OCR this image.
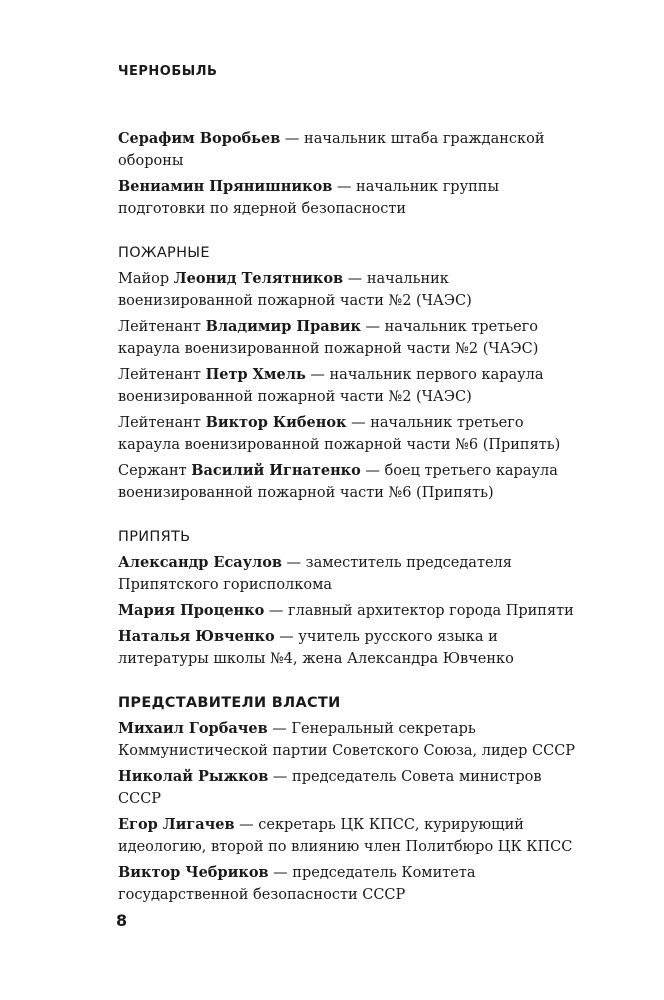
ЧЕРНОБЫЛЬ

Серафим Воробьев — начальник штаба гражданской обороны

Вениамин Прянишников — начальник группы подготовки по ядерной безопасности

ПОЖАРНЫЕ

Майор Леонид Телятников — начальник военизированной пожарной части №2 (ЧАЭС)

Лейтенант Владимир Правик — начальник третьего караула военизированной пожарной части №2 (ЧАЭС)

Лейтенант Петр Хмель — начальник первого караула военизированной пожарной части №2 (ЧАЭС)

Лейтенант Виктор Кибенок — начальник третьего караула военизированной пожарной части №6 (Припять)

Сержант Василий Игнатенко — боец третьего караула военизированной пожарной части №6 (Припять)

ПРИПЯТЬ

Александр Есаулов — заместитель председателя Припятского горисполкома

Мария Проценко — главный архитектор города Припяти

Наталья Ювченко — учитель русского языка и литературы школы №4, жена Александра Ювченко

ПРЕДСТАВИТЕЛИ ВЛАСТИ

Михаил Горбачев — Генеральный секретарь Коммунистической партии Советского Союза, лидер СССР

Николай Рыжков — председатель Совета министров СССР

Егор Лигачев — секретарь ЦК КПСС, курирующий идеологию, второй по влиянию член Политбюро ЦК КПСС

Виктор Чебриков — председатель Комитета государственной безопасности СССР

8
